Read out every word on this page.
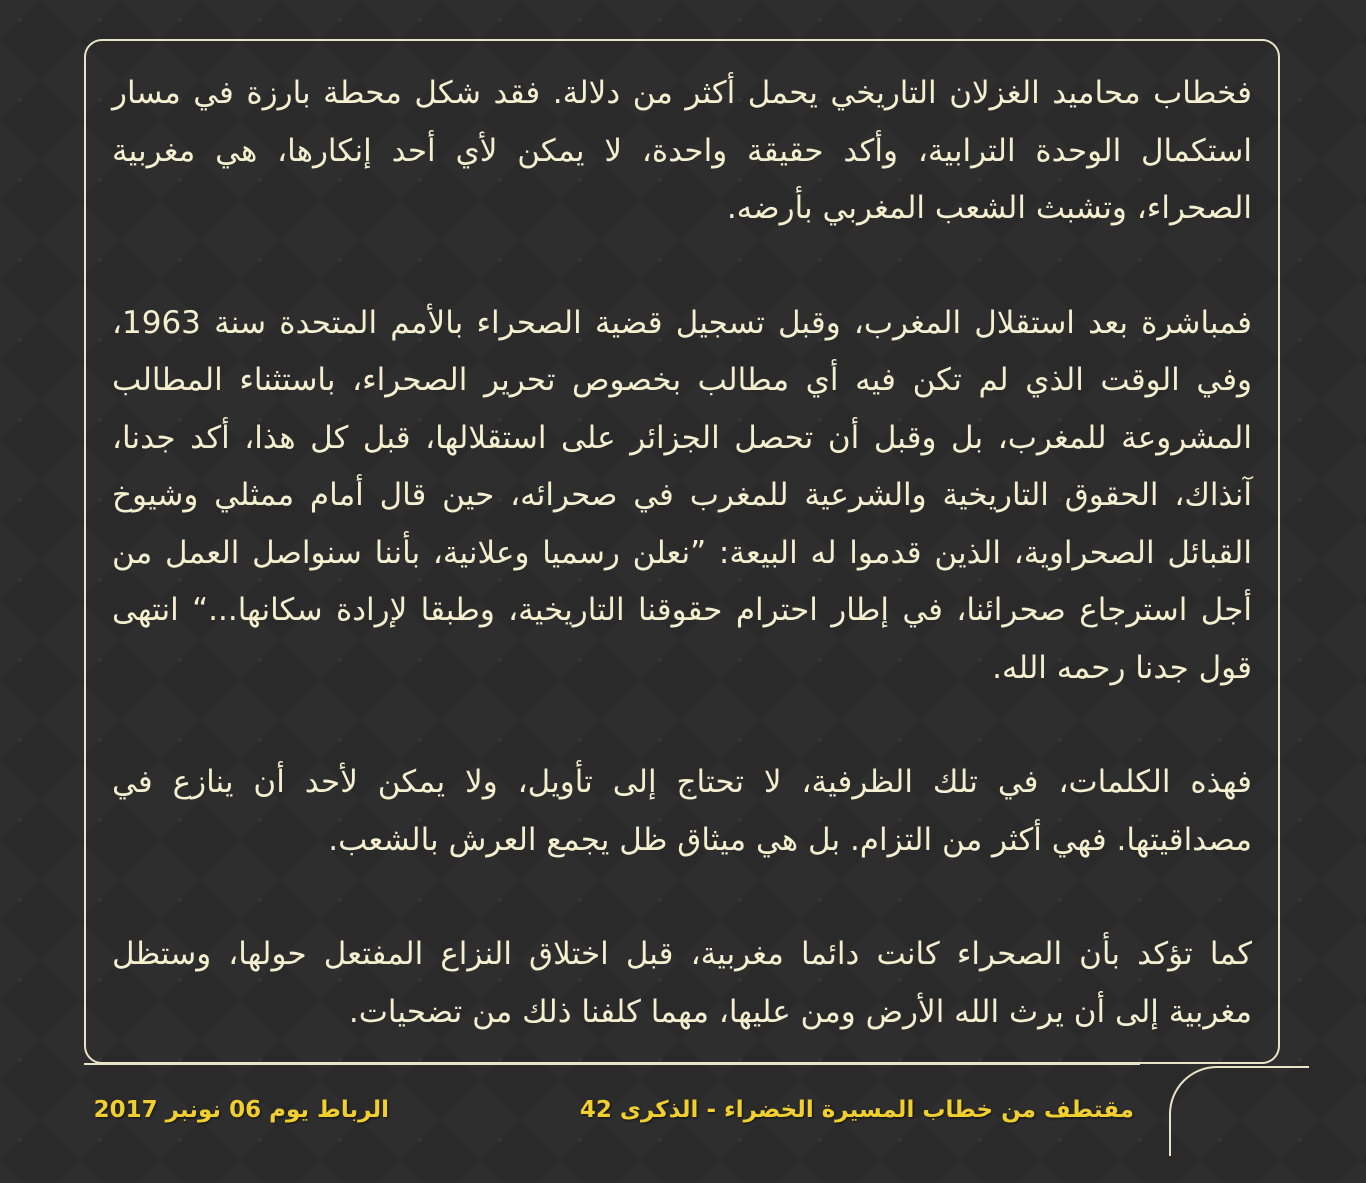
فخطاب محاميد الغزلان التاريخي يحمل أكثر من دلالة. فقد شكل محطة بارزة في مسار استكمال الوحدة الترابية، وأكد حقيقة واحدة، لا يمكن لأي أحد إنكارها، هي مغربية الصحراء، وتشبث الشعب المغربي بأرضه.

فمباشرة بعد استقلال المغرب، وقبل تسجيل قضية الصحراء بالأمم المتحدة سنة 1963، وفي الوقت الذي لم تكن فيه أي مطالب بخصوص تحرير الصحراء، باستثناء المطالب المشروعة للمغرب، بل وقبل أن تحصل الجزائر على استقلالها، قبل كل هذا، أكد جدنا، آنذاك، الحقوق التاريخية والشرعية للمغرب في صحرائه، حين قال أمام ممثلي وشيوخ القبائل الصحراوية، الذين قدموا له البيعة: ”نعلن رسميا وعلانية، بأننا سنواصل العمل من أجل استرجاع صحرائنا، في إطار احترام حقوقنا التاريخية، وطبقا لإرادة سكانها...“ انتهى قول جدنا رحمه الله.

فهذه الكلمات، في تلك الظرفية، لا تحتاج إلى تأويل، ولا يمكن لأحد أن ينازع في مصداقيتها. فهي أكثر من التزام. بل هي ميثاق ظل يجمع العرش بالشعب.

كما تؤكد بأن الصحراء كانت دائما مغربية، قبل اختلاق النزاع المفتعل حولها، وستظل مغربية إلى أن يرث الله الأرض ومن عليها، مهما كلفنا ذلك من تضحيات.

مقتطف من خطاب المسيرة الخضراء - الذكرى 42
الرباط يوم 06 نونبر 2017
